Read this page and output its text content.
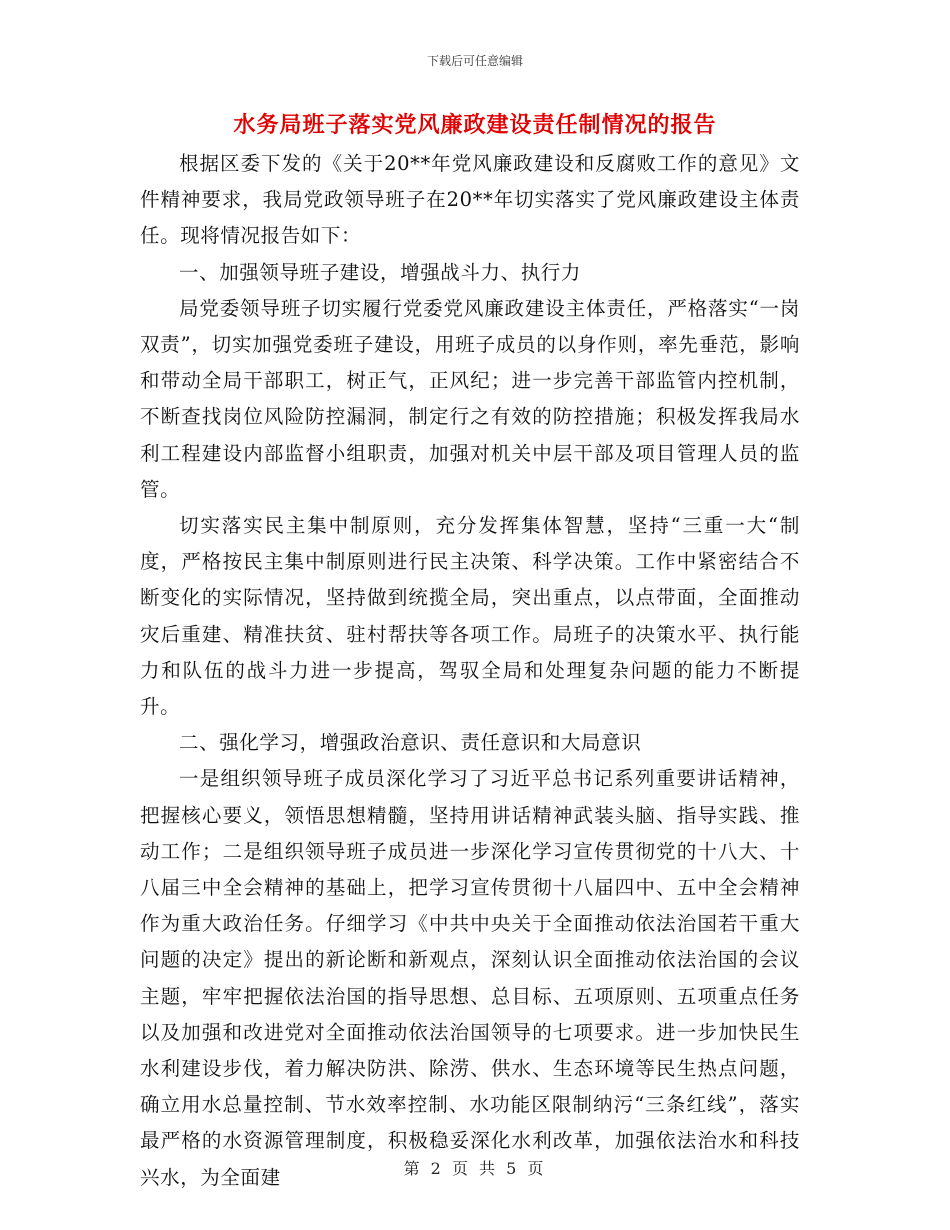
下载后可任意编辑
水务局班子落实党风廉政建设责任制情况的报告

根据区委下发的《关于20**年党风廉政建设和反腐败工作的意见》文件精神要求，我局党政领导班子在20**年切实落实了党风廉政建设主体责任。现将情况报告如下：

一、加强领导班子建设，增强战斗力、执行力

局党委领导班子切实履行党委党风廉政建设主体责任，严格落实“一岗双责”，切实加强党委班子建设，用班子成员的以身作则，率先垂范，影响和带动全局干部职工，树正气，正风纪；进一步完善干部监管内控机制，不断查找岗位风险防控漏洞，制定行之有效的防控措施；积极发挥我局水利工程建设内部监督小组职责，加强对机关中层干部及项目管理人员的监管。

切实落实民主集中制原则，充分发挥集体智慧，坚持“三重一大“制度，严格按民主集中制原则进行民主决策、科学决策。工作中紧密结合不断变化的实际情况，坚持做到统揽全局，突出重点，以点带面，全面推动灾后重建、精准扶贫、驻村帮扶等各项工作。局班子的决策水平、执行能力和队伍的战斗力进一步提高，驾驭全局和处理复杂问题的能力不断提升。

二、强化学习，增强政治意识、责任意识和大局意识

一是组织领导班子成员深化学习了习近平总书记系列重要讲话精神，把握核心要义，领悟思想精髓，坚持用讲话精神武装头脑、指导实践、推动工作；二是组织领导班子成员进一步深化学习宣传贯彻党的十八大、十八届三中全会精神的基础上，把学习宣传贯彻十八届四中、五中全会精神作为重大政治任务。仔细学习《中共中央关于全面推动依法治国若干重大问题的决定》提出的新论断和新观点，深刻认识全面推动依法治国的会议主题，牢牢把握依法治国的指导思想、总目标、五项原则、五项重点任务以及加强和改进党对全面推动依法治国领导的七项要求。进一步加快民生水利建设步伐，着力解决防洪、除涝、供水、生态环境等民生热点问题，确立用水总量控制、节水效率控制、水功能区限制纳污“三条红线”，落实最严格的水资源管理制度，积极稳妥深化水利改革，加强依法治水和科技兴水，为全面建	第 2 页 共 5 页
